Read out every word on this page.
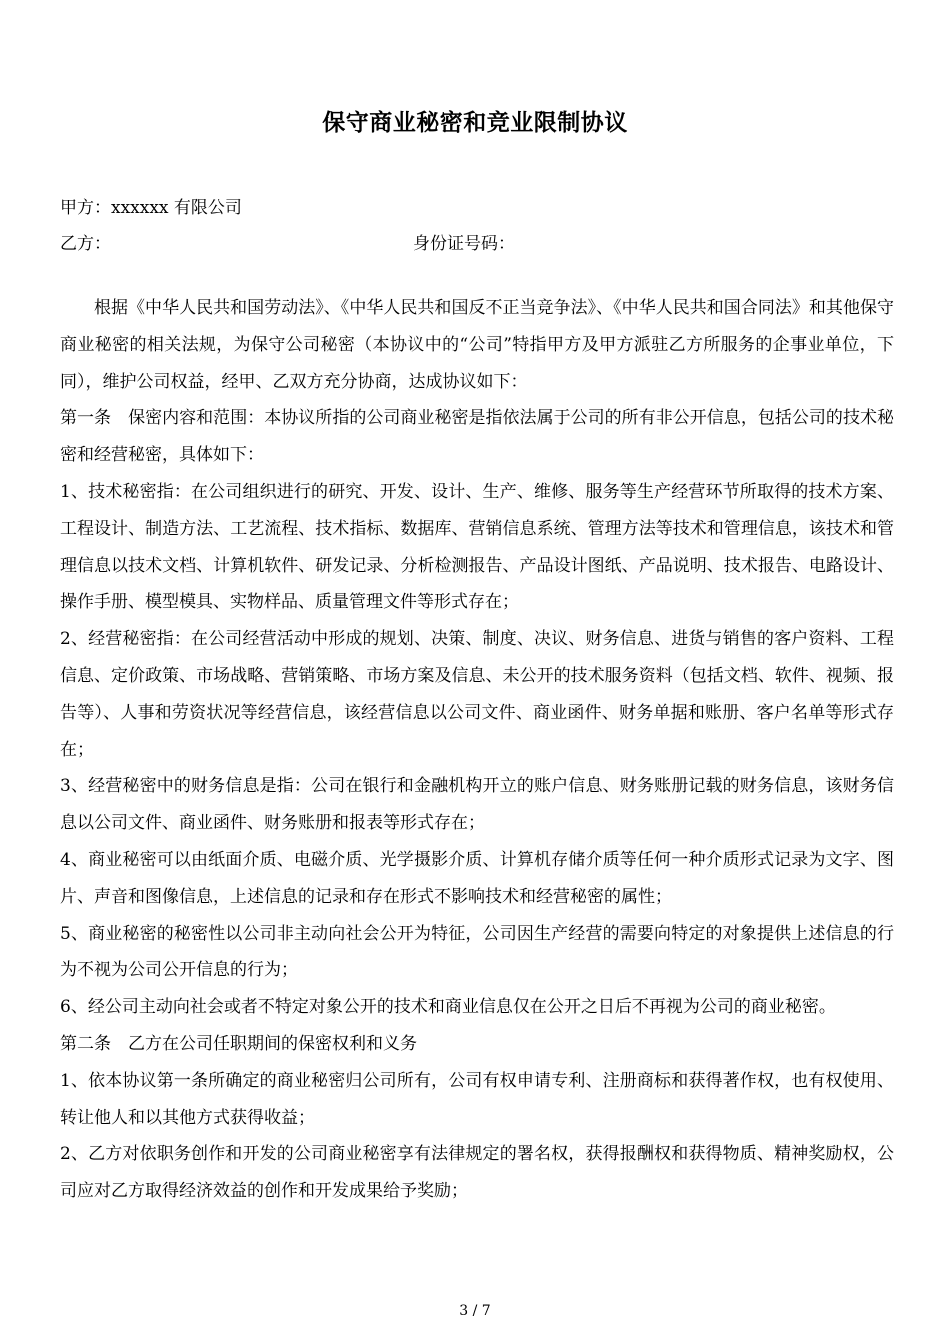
保守商业秘密和竞业限制协议
甲方：xxxxxx 有限公司
乙方：	身份证号码：

根据《中华人民共和国劳动法》、《中华人民共和国反不正当竞争法》、《中华人民共和国合同法》和其他保守商业秘密的相关法规，为保守公司秘密（本协议中的“公司”特指甲方及甲方派驻乙方所服务的企事业单位，下同），维护公司权益，经甲、乙双方充分协商，达成协议如下：

第一条　保密内容和范围：本协议所指的公司商业秘密是指依法属于公司的所有非公开信息，包括公司的技术秘密和经营秘密，具体如下：

1、技术秘密指：在公司组织进行的研究、开发、设计、生产、维修、服务等生产经营环节所取得的技术方案、工程设计、制造方法、工艺流程、技术指标、数据库、营销信息系统、管理方法等技术和管理信息，该技术和管理信息以技术文档、计算机软件、研发记录、分析检测报告、产品设计图纸、产品说明、技术报告、电路设计、操作手册、模型模具、实物样品、质量管理文件等形式存在；

2、经营秘密指：在公司经营活动中形成的规划、决策、制度、决议、财务信息、进货与销售的客户资料、工程信息、定价政策、市场战略、营销策略、市场方案及信息、未公开的技术服务资料（包括文档、软件、视频、报告等）、人事和劳资状况等经营信息，该经营信息以公司文件、商业函件、财务单据和账册、客户名单等形式存在；

3、经营秘密中的财务信息是指：公司在银行和金融机构开立的账户信息、财务账册记载的财务信息，该财务信息以公司文件、商业函件、财务账册和报表等形式存在；

4、商业秘密可以由纸面介质、电磁介质、光学摄影介质、计算机存储介质等任何一种介质形式记录为文字、图片、声音和图像信息，上述信息的记录和存在形式不影响技术和经营秘密的属性；

5、商业秘密的秘密性以公司非主动向社会公开为特征，公司因生产经营的需要向特定的对象提供上述信息的行为不视为公司公开信息的行为；

6、经公司主动向社会或者不特定对象公开的技术和商业信息仅在公开之日后不再视为公司的商业秘密。

第二条　乙方在公司任职期间的保密权利和义务

1、依本协议第一条所确定的商业秘密归公司所有，公司有权申请专利、注册商标和获得著作权，也有权使用、转让他人和以其他方式获得收益；

2、乙方对依职务创作和开发的公司商业秘密享有法律规定的署名权，获得报酬权和获得物质、精神奖励权，公司应对乙方取得经济效益的创作和开发成果给予奖励；

3 / 7
